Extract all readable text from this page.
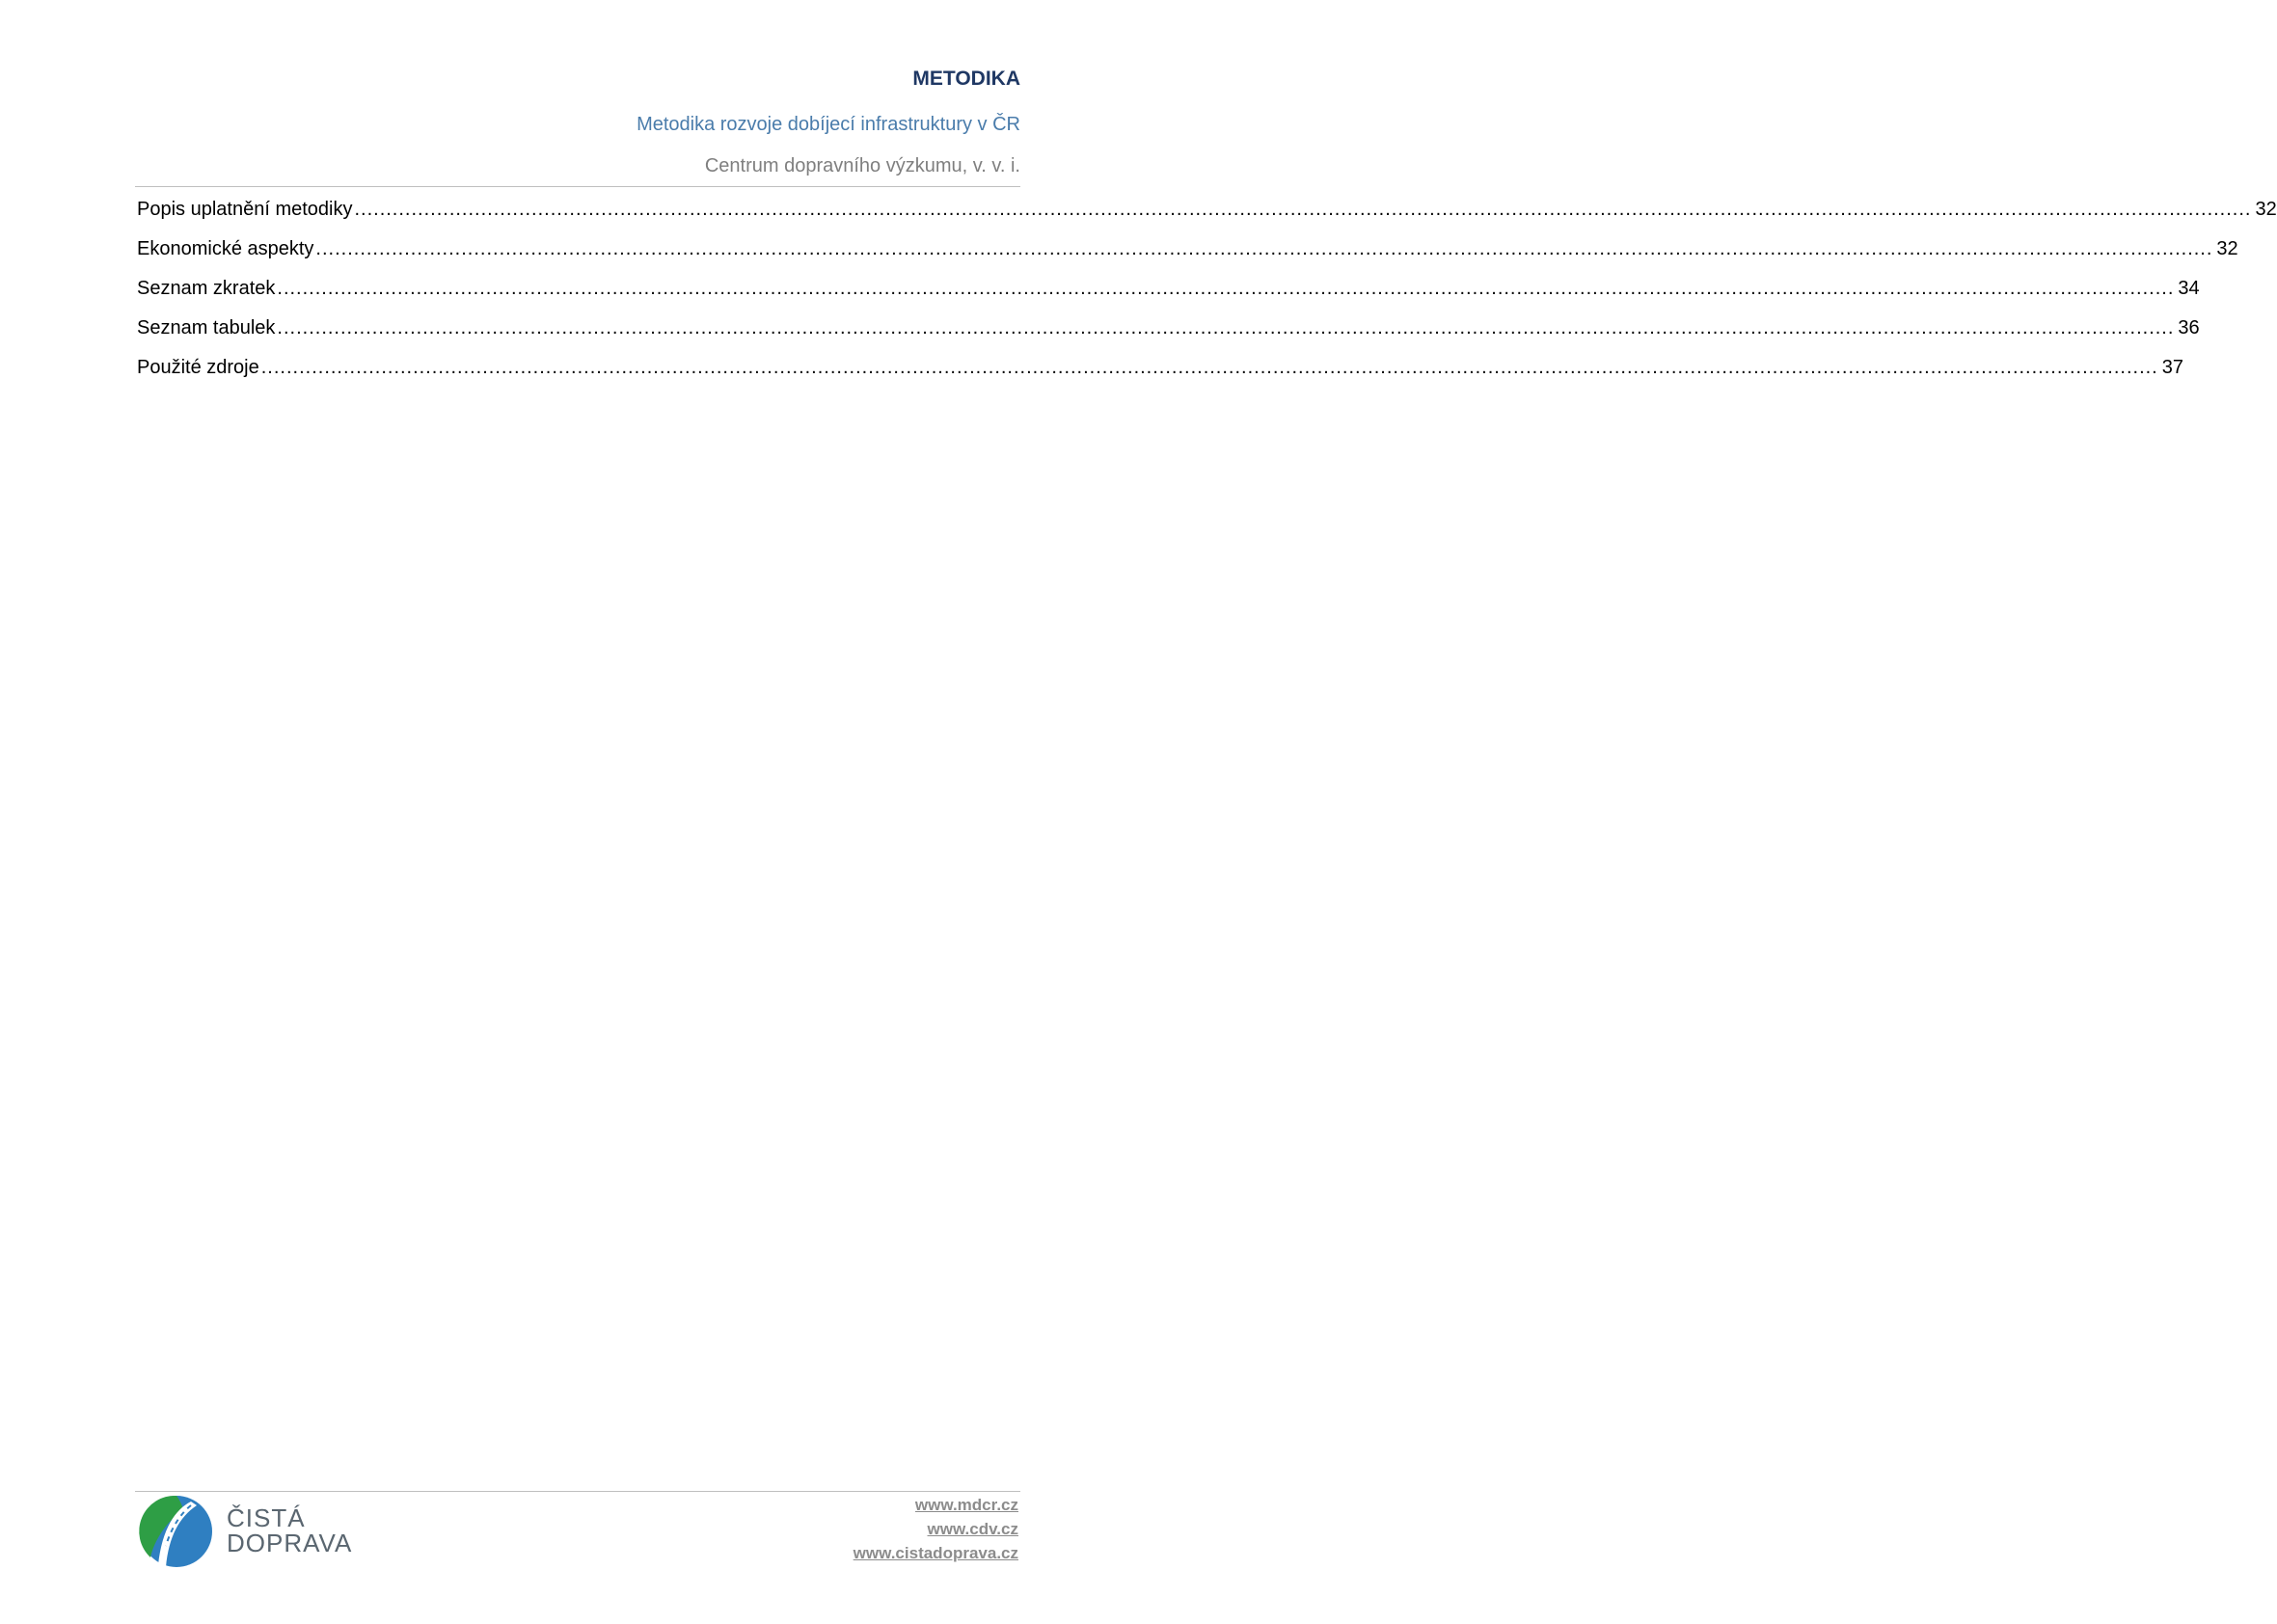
METODIKA
Metodika rozvoje dobíjecí infrastruktury v ČR
Centrum dopravního výzkumu, v. v. i.
Popis uplatnění metodiky ............................................................................................................................................................................................................................................................................................................ 32
Ekonomické aspekty ............................................................................................................................................................................................................................................................................................................ 32
Seznam zkratek ............................................................................................................................................................................................................................................................................................................ 34
Seznam tabulek ............................................................................................................................................................................................................................................................................................................ 36
Použité zdroje ............................................................................................................................................................................................................................................................................................................ 37
ČISTÁ
DOPRAVA
www.mdcr.cz
www.cdv.cz
www.cistadoprava.cz
